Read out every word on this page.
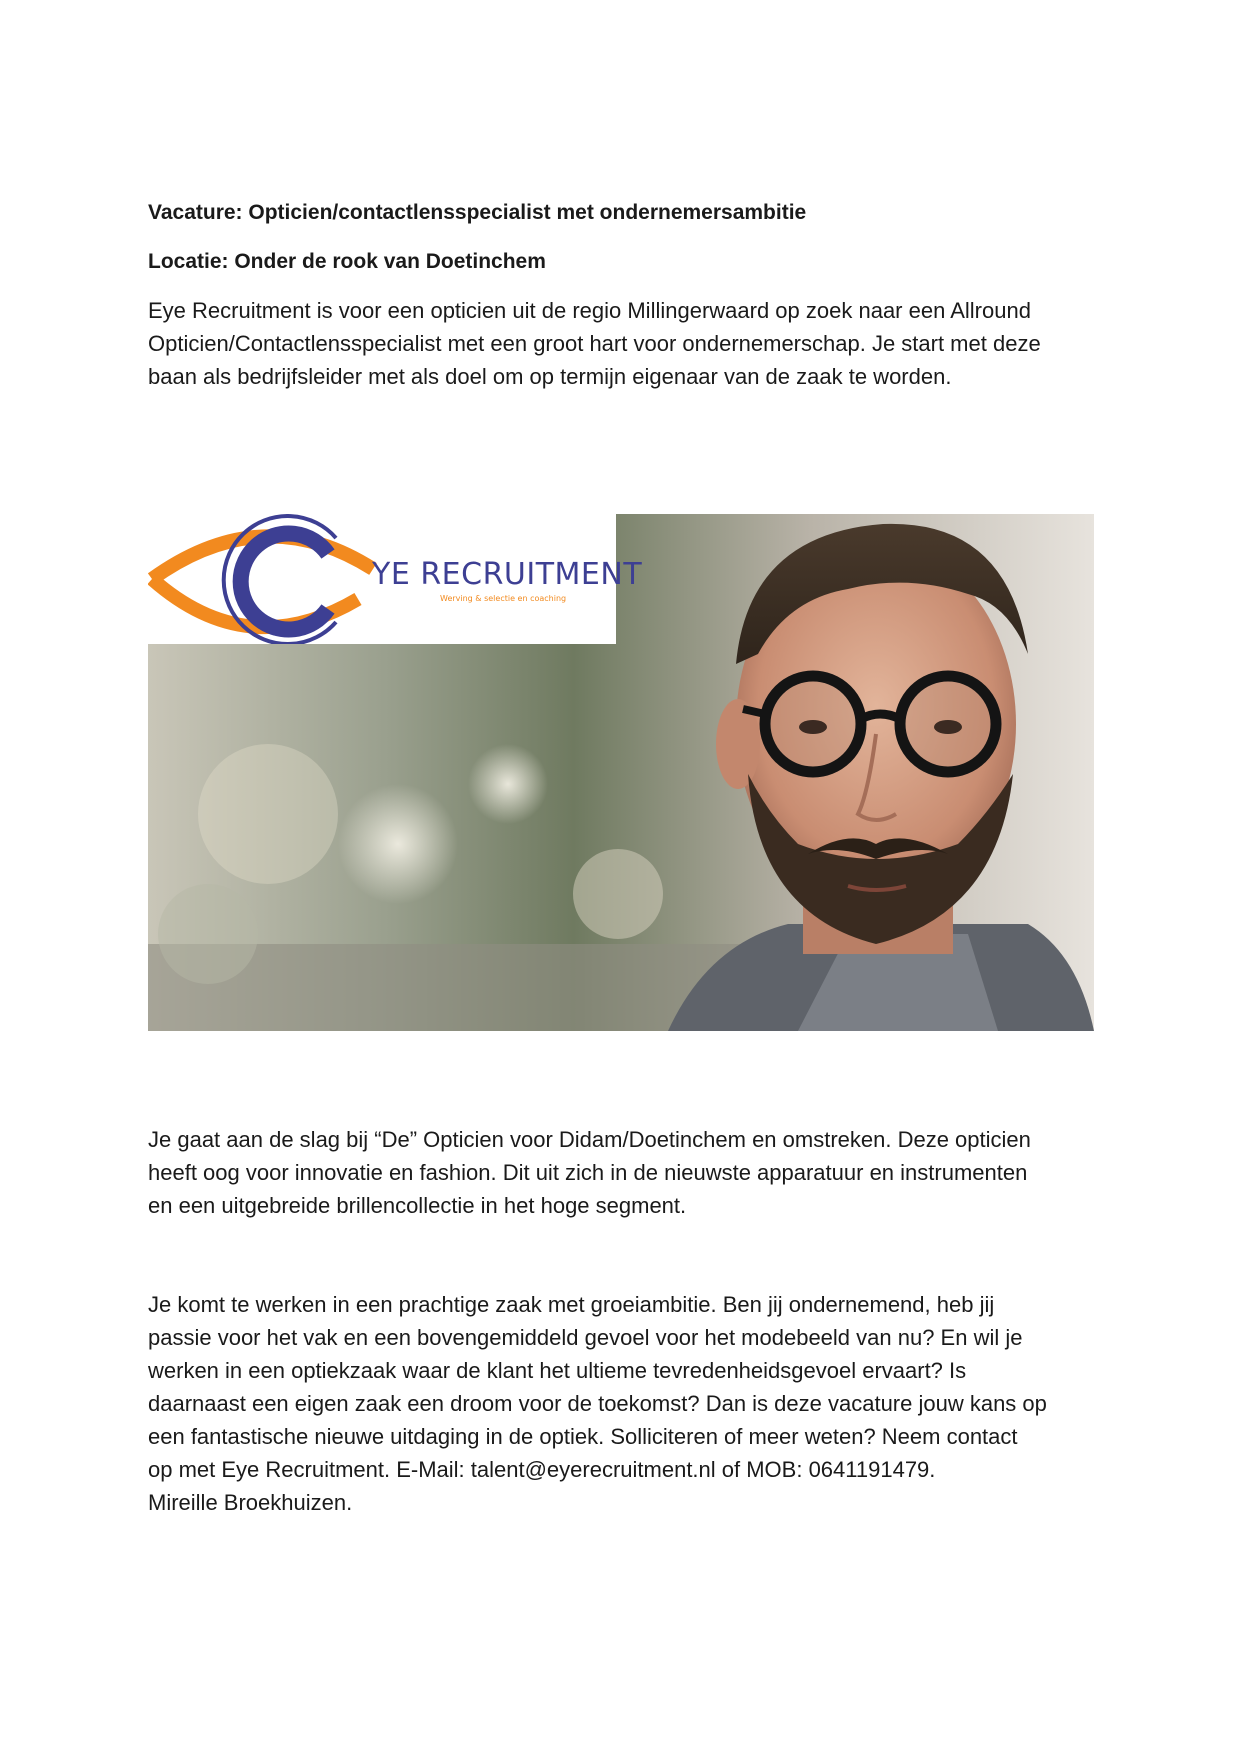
Vacature: Opticien/contactlensspecialist met ondernemersambitie
Locatie: Onder de rook van Doetinchem

Eye Recruitment is voor een opticien uit de regio Millingerwaard op zoek naar een Allround
Opticien/Contactlensspecialist met een groot hart voor ondernemerschap. Je start met deze
baan als bedrijfsleider met als doel om op termijn eigenaar van de zaak te worden.

YE RECRUITMENT
Werving & selectie en coaching

Je gaat aan de slag bij “De” Opticien voor Didam/Doetinchem en omstreken. Deze opticien
heeft oog voor innovatie en fashion. Dit uit zich in de nieuwste apparatuur en instrumenten
en een uitgebreide brillencollectie in het hoge segment.

Je komt te werken in een prachtige zaak met groeiambitie. Ben jij ondernemend, heb jij
passie voor het vak en een bovengemiddeld gevoel voor het modebeeld van nu? En wil je
werken in een optiekzaak waar de klant het ultieme tevredenheidsgevoel ervaart? Is
daarnaast een eigen zaak een droom voor de toekomst? Dan is deze vacature jouw kans op
een fantastische nieuwe uitdaging in de optiek. Solliciteren of meer weten? Neem contact
op met Eye Recruitment. E-Mail: talent@eyerecruitment.nl of MOB: 0641191479.
Mireille Broekhuizen.
